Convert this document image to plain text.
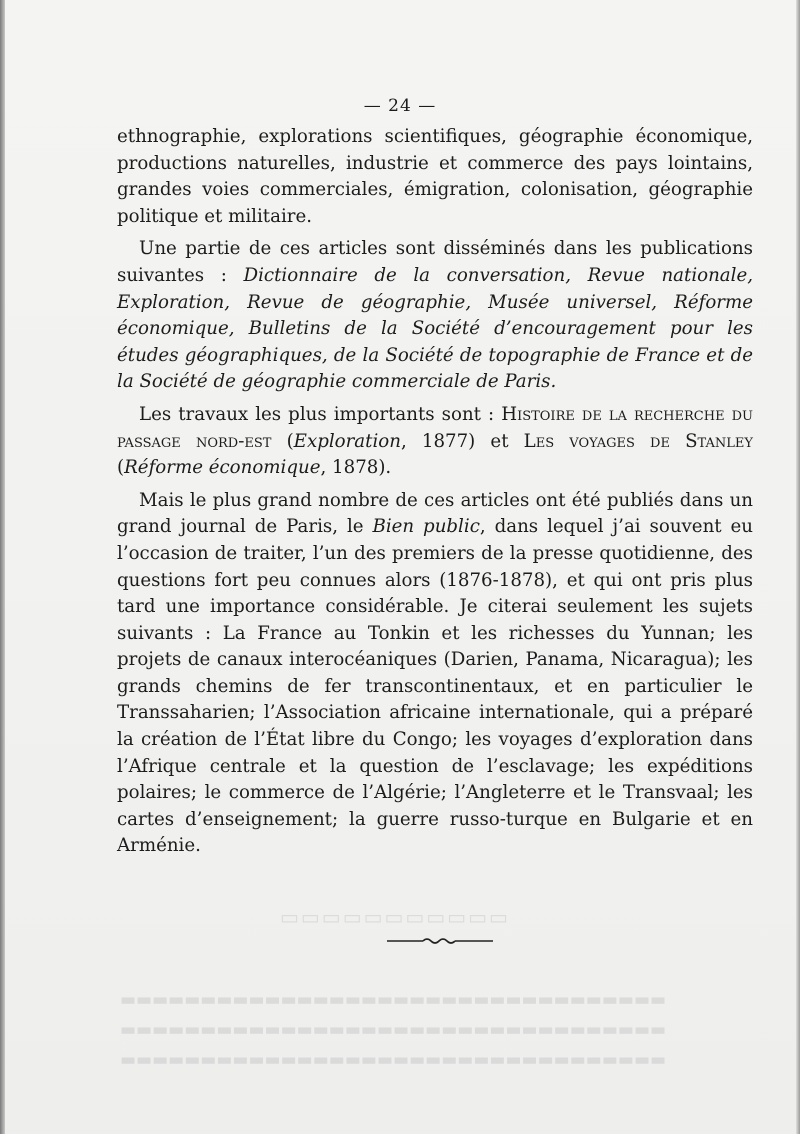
▭▭▭▭▭▭▭▭▭▭▭
▬▬▬▬▬▬▬▬▬▬▬▬▬▬▬▬▬▬▬▬▬▬▬▬▬▬▬▬▬▬▬▬▬▬
▬▬▬▬▬▬▬▬▬▬▬▬▬▬▬▬▬▬▬▬▬▬▬▬▬▬▬▬▬▬▬▬▬▬
▬▬▬▬▬▬▬▬▬▬▬▬▬▬▬▬▬▬▬▬▬▬▬▬▬▬▬▬▬▬▬▬▬▬
— 24 —

ethnographie, explorations scientifiques, géographie économique, productions naturelles, industrie et commerce des pays lointains, grandes voies commerciales, émigration, colonisation, géographie politique et militaire.

Une partie de ces articles sont disséminés dans les publications suivantes : Dictionnaire de la conversation, Revue nationale, Exploration, Revue de géographie, Musée universel, Réforme économique, Bulletins de la Société d’encouragement pour les études géographiques, de la Société de topographie de France et de la Société de géographie commerciale de Paris.

Les travaux les plus importants sont : Histoire de la recherche du passage nord-est (Exploration, 1877) et Les voyages de Stanley (Réforme économique, 1878).

Mais le plus grand nombre de ces articles ont été publiés dans un grand journal de Paris, le Bien public, dans lequel j’ai souvent eu l’occasion de traiter, l’un des premiers de la presse quotidienne, des questions fort peu connues alors (1876-1878), et qui ont pris plus tard une importance considérable. Je citerai seulement les sujets suivants : La France au Tonkin et les richesses du Yunnan; les projets de canaux interocéaniques (Darien, Panama, Nicaragua); les grands chemins de fer transcontinentaux, et en particulier le Transsaharien; l’Association africaine internationale, qui a préparé la création de l’État libre du Congo; les voyages d’exploration dans l’Afrique centrale et la question de l’esclavage; les expéditions polaires; le commerce de l’Algérie; l’Angleterre et le Transvaal; les cartes d’enseignement; la guerre russo-turque en Bulgarie et en Arménie.
